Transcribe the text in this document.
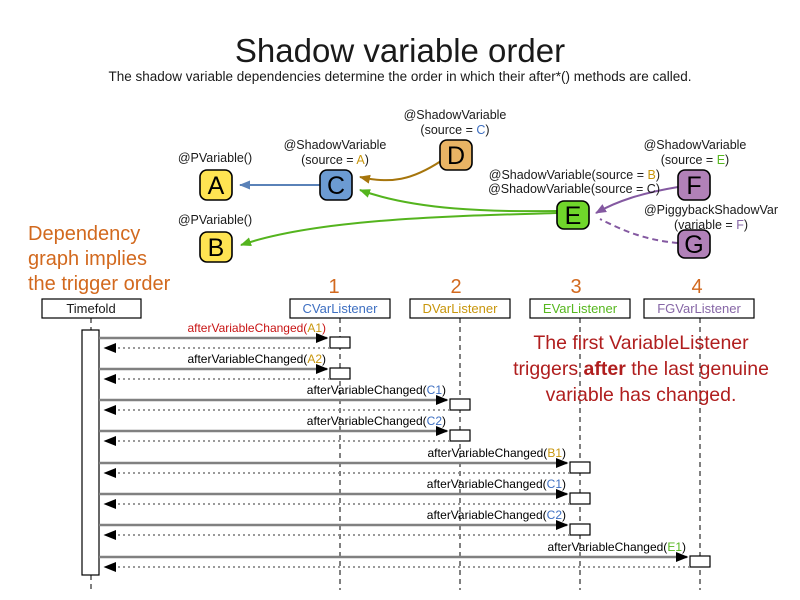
Shadow variable order
The shadow variable dependencies determine the order in which their after*() methods are called.
A
B
C
D
E
F
G
@PVariable()
@PVariable()
@ShadowVariable
(source = A)
@ShadowVariable
(source = C)
@ShadowVariable
(source = E)
@ShadowVariable(source = B)
@ShadowVariable(source = C)
@PiggybackShadowVar
(variable = F)
Dependency
graph implies
the trigger order	1	2	3	4
Timefold	CVarListener	DVarListener	EVarListener	FGVarListener
afterVariableChanged(A1)
afterVariableChanged(A2)
afterVariableChanged(C1)
afterVariableChanged(C2)
afterVariableChanged(B1)
afterVariableChanged(C1)
afterVariableChanged(C2)
afterVariableChanged(E1)
The first VariableListener
triggers after the last genuine
variable has changed.
